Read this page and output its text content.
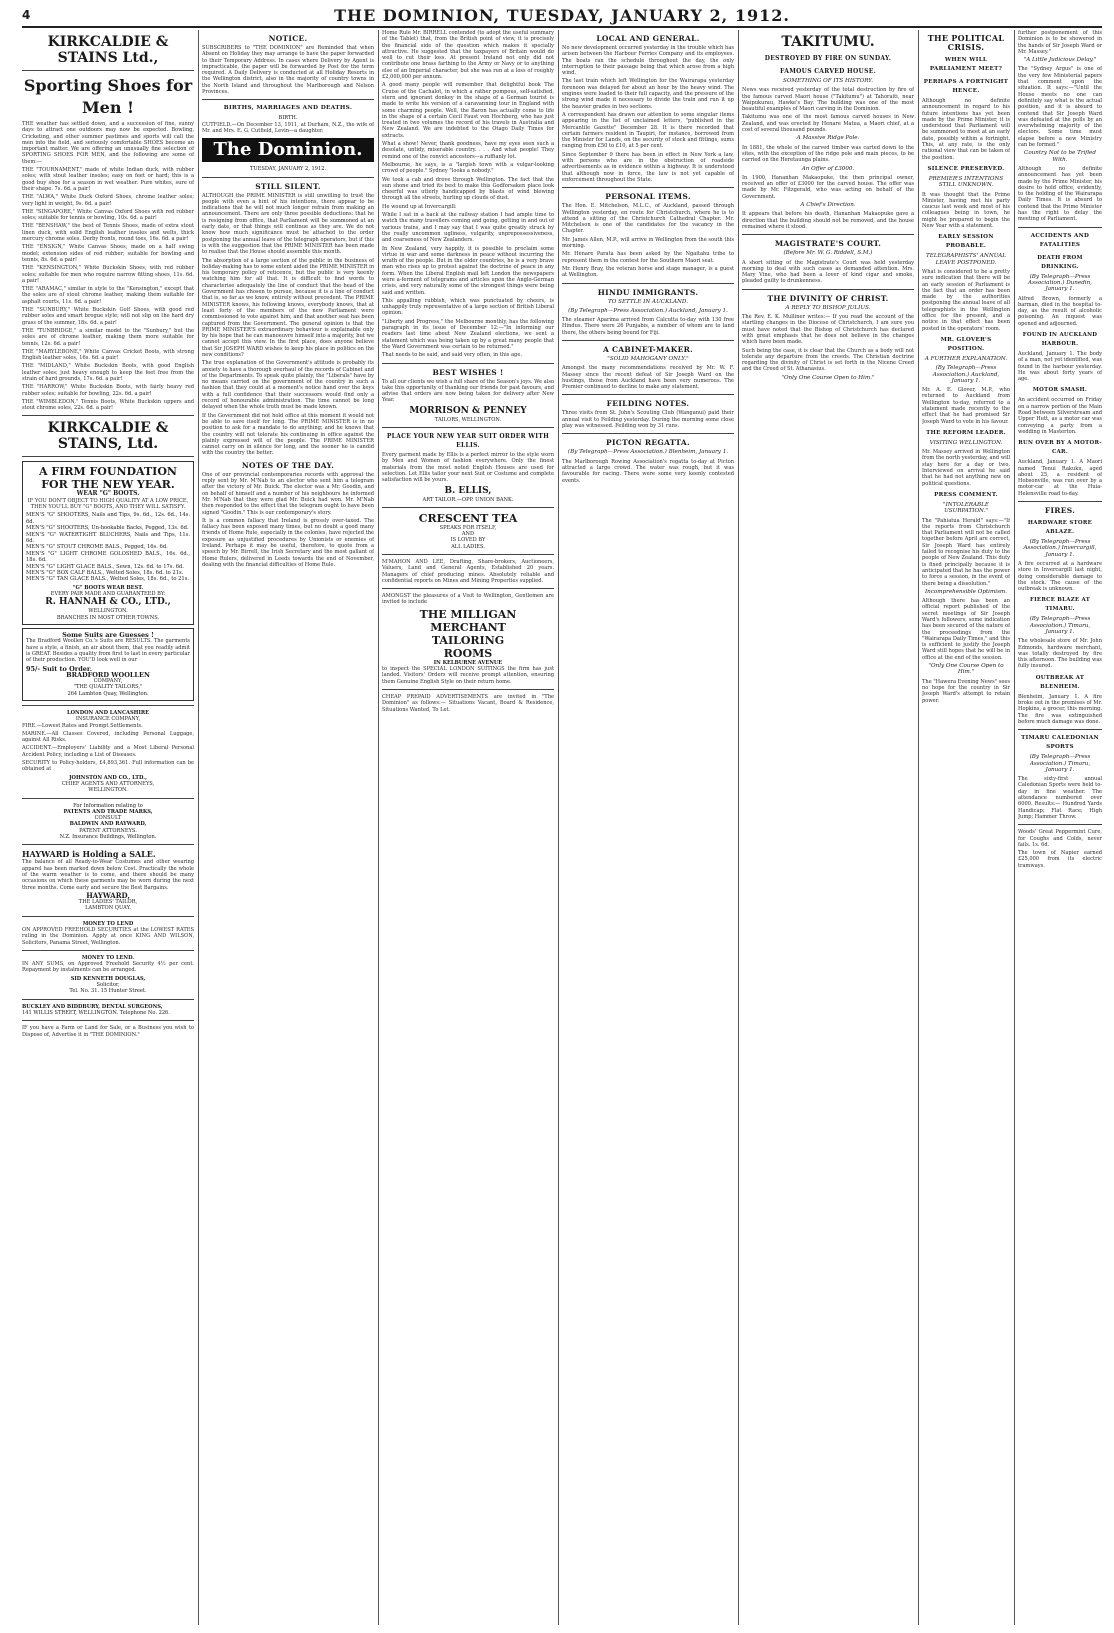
4	THE DOMINION, TUESDAY, JANUARY 2, 1912.
KIRKCALDIE & STAINS Ltd.,
Sporting Shoes for Men !

THE weather has settled down, and a succession of fine, sunny days to attract one outdoors may now be expected. Bowling, Cricketing, and other summer pastimes and sports will call the men into the field, and seriously comfortable SHOES become an important matter. We are offering an unusually fine selection of SPORTING SHOES FOR MEN, and the following are some of them:—

THE "TOURNAMENT," made of white Indian duck, with rubber soles; with stout leather insoles; easy on feet or hard; this is a good buy shoe for a season in wet weather. Pure whites, sure of their shape. 7s. 6d. a pair!

THE "ALWA," White Duck Oxford Shoes, chrome leather soles; very light in weight, 9s. 6d. a pair!

THE "SINGAPORE," White Canvas Oxford Shoes with red rubber soles; suitable for tennis or bowling, 10s. 6d. a pair!

THE "BENSHAW," the best of Tennis Shoes, made of extra stout linen duck, with solid English leather insoles and welts, thick mercury chrome soles. Derby fronts, round toes, 16s. 6d. a pair!

THE "ENSIGN," White Canvas Shoes, made on a half swing model; extension sides of red rubber; suitable for bowling and tennis, 8s. 6d. a pair!

THE "KENSINGTON," White Buckskin Shoes, with red rubber soles; suitable for men who require narrow fitting shoes, 11s. 6d. a pair!

THE "ARAMAC," similar in style to the "Kensington," except that the soles are of stout chrome leather, making them suitable for asphalt courts, 11s. 6d. a pair!

THE "SUNBURY," White Buckskin Golf Shoes, with good red rubber soles and smart brogue style; will not slip on the hard dry grass of the summer, 18s. 6d. a pair!

THE "TUNBRIDGE," a similar model to the "Sunbury," but the soles are of chrome leather, making them more suitable for tennis, 12s. 6d. a pair!

THE "MARYLEBONE," White Canvas Cricket Boots, with strong English leather soles, 16s. 6d. a pair!

THE "MIDLAND," White Buckskin Boots, with good English leather soles; just heavy enough to keep the feet free from the strain of hard grounds, 17s. 6d. a pair!

THE "HARROW," White Buckskin Boots, with fairly heavy red rubber soles; suitable for bowling, 22s. 6d. a pair!

THE "WIMBLEDON," Tennis Boots, White Buckskin uppers and stout chrome soles, 22s. 6d. a pair!

KIRKCALDIE & STAINS, Ltd.
A FIRM FOUNDATION
FOR THE NEW YEAR.
WEAR "G" BOOTS.

IF YOU DON'T OBJECT TO HIGH QUALITY AT A LOW PRICE, THEN YOU'LL BUY "G" BOOTS, AND THEY WILL SATISFY.

MEN'S "G" SHOOTERS, Nails and Tips, 9s. 6d., 12s. 6d., 14s. 6d.
MEN'S "G" SHOOTERS, Un-hookable Backs, Pegged, 13s. 6d.
MEN'S "G" WATERTIGHT BLUCHERS, Nails and Tips, 11s. 6d.
MEN'S "G" STOUT CHROME BALS., Pegged, 16s. 6d.
MEN'S "G" LIGHT CHROME GOLOSHED BALS., 16s. 6d., 18s. 6d.
MEN'S "G" LIGHT GLACE BALS., Sewn, 12s. 6d. to 17s. 6d.
MEN'S "G" BOX CALF BALS., Welted Soles, 18s. 6d. to 21s.
MEN'S "G" TAN GLACE BALS., Welted Soles, 18s. 6d., to 21s.
"G" BOOTS WEAR BEST.
EVERY PAIR MADE AND GUARANTEED BY:
R. HANNAH & CO., LTD.,
WELLINGTON.
BRANCHES IN MOST OTHER TOWNS.
Some Suits are Guesses !

The Bradford Woollen Co.'s Suits are RESULTS. The garments have a style, a finish, an air about them, that you readily admit is GREAT. Besides a quality from first to last in every particular of their production. YOU'D look well in our

95/- Suit to Order.
BRADFORD WOOLLEN
COMPANY,
"THE QUALITY TAILORS,"
264 Lambton Quay, Wellington.
LONDON AND LANCASHIRE
INSURANCE COMPANY,

FIRE.—Lowest Rates and Prompt Settlements.

MARINE.—All Classes Covered, including Personal Luggage, against All Risks.

ACCIDENT.—Employers' Liability and a Most Liberal Personal Accident Policy, including a List of Diseases.

SECURITY to Policy-holders, £4,893,361. Full information can be obtained at

JOHNSTON AND CO., LTD.,
CHIEF AGENTS AND ATTORNEYS,
WELLINGTON.
For Information relating to
PATENTS AND TRADE MARKS,
CONSULT
BALDWIN AND RAYWARD,
PATENT ATTORNEYS.
N.Z. Insurance Buildings, Wellington.
HAYWARD is Holding a SALE.

The balance of all Ready-to-Wear Costumes and other wearing apparel has been marked down below Cost. Practically the whole of the warm weather is to come, and there should be many occasions on which these garments may be worn during the next three months. Come early and secure the Best Bargains.

HAYWARD,
THE LADIES' TAILOR,
LAMBTON QUAY.
MONEY TO LEND

ON APPROVED FREEHOLD SECURITIES at the LOWEST RATES ruling in the Dominion. Apply at once KING AND WILSON, Solicitors, Panama Street, Wellington.

MONEY TO LEND.

IN ANY SUMS, on Approved Freehold Security 4½ per cent. Repayment by instalments can be arranged.

SID KENNETH DOUGLAS,
Solicitor,
Tel. No. 31. 15 Hunter Street.
BUCKLEY AND BIDDBURY, DENTAL SURGEONS,
141 WILLIS STREET, WELLINGTON. Telephone No. 226.

IF you have a Farm or Land for Sale, or a Business you wish to Dispose of, Advertise it in "THE DOMINION."

NOTICE.

SUBSCRIBERS to "THE DOMINION" are Reminded that when Absent on Holiday they may arrange to have the paper forwarded to their Temporary Address. In cases where Delivery by Agent is impracticable, the paper will be forwarded by Post for the term required. A Daily Delivery is conducted at all Holiday Resorts in the Wellington district, also in the majority of country towns in the North Island and throughout the Marlborough and Nelson Provinces.

BIRTHS, MARRIAGES AND DEATHS.
BIRTH.

CUTFIELD.—On December 13, 1911, at Durham, N.Z., the wife of Mr. and Mrs. E. G. Cutfield, Levin—a daughter.

The Dominion.
TUESDAY, JANUARY 2, 1912.
STILL SILENT.

ALTHOUGH the PRIME MINISTER is still unwilling to trust the people with even a hint of his intentions, there appear to be indications that he will not much longer refrain from making an announcement. There are only three possible deductions: that he is resigning from office, that Parliament will be summoned at an early date, or that things will continue as they are. We do not know how much significance must be attached to the order postponing the annual leave of the telegraph operators, but if this is with the suggestion that the PRIME MINISTER has been made to realise that the House should assemble this month.

The absorption of a large section of the public in the business of holiday-making has to some extent aided the PRIME MINISTER in his temporary policy of reticence, but the public is very keenly watching him for all that. It is difficult to find words to characterise adequately the line of conduct that the head of the Government has chosen to pursue, because it is a line of conduct that is, so far as we know, entirely without precedent. The PRIME MINISTER knows, his following knows, everybody knows, that at least forty of the members of the new Parliament were commissioned to vote against him, and that another seat has been captured from the Government. The general opinion is that the PRIME MINISTER'S extraordinary behaviour is explainable only by his hope that he can manoeuvre himself into a majority, but we cannot accept this view. In the first place, does anyone believe that Sir JOSEPH WARD wishes to keep his place in politics on the new conditions?

The true explanation of the Government's attitude is probably its anxiety to have a thorough overhaul of the records of Cabinet and of the Departments. To speak quite plainly, the "Liberals" have by no means carried on the government of the country in such a fashion that they could at a moment's notice hand over the keys with a full confidence that their successors would find only a record of honourable administration. The time cannot be long delayed when the whole truth must be made known.

If the Government did not hold office at this moment it would not be able to save itself for long. The PRIME MINISTER is in no position to ask for a mandate to do anything; and he knows that the country will not tolerate his continuing in office against the plainly expressed will of the people. The PRIME MINISTER cannot carry on in silence for long, and the sooner he is candid with the country the better.

NOTES OF THE DAY.

One of our provincial contemporaries records with approval the reply sent by Mr. M'Nab to an elector who sent him a telegram after the victory of Mr. Buick. The elector was a Mr. Goodin, and on behalf of himself and a number of his neighbours he informed Mr. M'Nab that they were glad Mr. Buick had won. Mr. M'Nab then responded to the effect that the telegram ought to have been signed "Goodin." This is our contemporary's story.

It is a common fallacy that Ireland is grossly over-taxed. The fallacy has been exposed many times, but no doubt a good many friends of Home Rule, especially in the colonies, have rejected the exposure as unjustified procedures by Unionists or enemies of Ireland. Perhaps it may be useful, therefore, to quote from a speech by Mr. Birrell, the Irish Secretary and the most gallant of Home Rulers, delivered in Leeds towards the end of November, dealing with the financial difficulties of Home Rule.

Home Rule Mr. BIRRELL contended (to adopt the useful summary of the Tablet) that, from the British point of view, it is precisely the financial side of the question which makes it specially attractive. He suggested that the taxpayers of Britain would do well to cut their loss. At present Ireland not only did not contribute one brass farthing to the Army or Navy or to anything else of an Imperial character, but she was run at a loss of roughly £2,000,000 per annum.

A good many people will remember that delightful book The Cruise of the Cachalot, in which a rather pompous, self-satisfied, stern and ignorant donkey in the shape of a German tourist is made to write his version of a caravanning tour in England with some charming people. Well, the Baron has actually come to life in the shape of a certain Cecil Faust von Hochberg, who has just treated in two volumes the record of his travels in Australia and New Zealand. We are indebted to the Otago Daily Times for extracts.

What a show! Never, thank goodness, have my eyes seen such a desolate, untidy, miserable country. . . . And what people! They remind one of the convict ancestors—a ruffianly lot.

Melbourne, he says, is a "largish town with a vulgar-looking crowd of people." Sydney "looks a nobody."

We took a cab and drove through Wellington. The fact that the sun shone and tried its best to make this Godforsaken place look cheerful was utterly handicapped by blasts of wind blowing through all the streets, hurling up clouds of dust.

He wound up at Invercargill:

While I sat in a back at the railway station I had ample time to watch the many travellers coming and going, getting in and out of various trains, and I may say that I was quite greatly struck by the really uncommon ugliness, vulgarity, unprepossessiveness, and coarseness of New Zealanders.

In New Zealand, very happily, it is possible to proclaim some virtue in war and some darkness in peace without incurring the wrath of the people. But in the older countries, he is a very brave man who rises up to protest against the doctrine of peace in any form. When the Liberal English mail left London the newspapers were a-ferment of telegrams and articles upon the Anglo-German crisis, and very naturally some of the strongest things were being said and written.

This appalling rubbish, which was punctuated by cheers, is unhappily truly representative of a large section of British Liberal opinion.

"Liberty and Progress," the Melbourne monthly, has the following paragraph in its issue of December 12:—"In informing our readers last time about New Zealand elections, we sent a statement which was being taken up by a great many people that the Ward Government was certain to be returned."

That needs to be said, and said very often, in this age.

BEST WISHES !

To all our clients we wish a full share of the Season's joys. We also take this opportunity of thanking our friends for past favours, and advise that orders are now being taken for delivery after New Year.

MORRISON & PENNEY
TAILORS, WELLINGTON.
PLACE YOUR NEW YEAR SUIT ORDER WITH ELLIS.

Every garment made by Ellis is a perfect mirror to the style worn by Men and Women of fashion everywhere. Only the finest materials from the most noted English Houses are used for selection. Let Ellis tailor your next Suit or Costume and complete satisfaction will be yours.

B. ELLIS,
ART TAILOR.—OPP. UNION BANK.
CRESCENT TEA
SPEAKS FOR ITSELF,
AND
IS LOVED BY
ALL LADIES.

M'MAHON AND LEE, Drafting, Share-brokers, Auctioneers, Valuers, Land and General Agents, Established 20 years. Managers of chief producing mines. Absolutely reliable and confidential reports on Mines and Mining Properties supplied.

AMONGST the pleasures of a Visit to Wellington, Gentlemen are invited to include

THE MILLIGAN
MERCHANT
TAILORING
ROOMS
IN KELBURNE AVENUE

to inspect the SPECIAL LONDON SUITINGS the firm has just landed. Visitors' Orders will receive prompt attention, ensuring them Genuine English Style on their return home.

CHEAP PREPAID ADVERTISEMENTS are invited in "The Dominion" as follows:— Situations Vacant, Board & Residence, Situations Wanted, To Let.

LOCAL AND GENERAL.

No new development occurred yesterday in the trouble which has arisen between the Harbour Ferries Company and its employees. The boats ran the schedule throughout the day, the only interruption to their passage being that which arose from a high wind.

The last train which left Wellington for the Wairarapa yesterday forenoon was delayed for about an hour by the heavy wind. The engines were loaded to their full capacity, and the pressure of the strong wind made it necessary to divide the train and run it up the heavier grades in two sections.

A correspondent has drawn our attention to some singular items appearing in the list of unclaimed letters, "published in the Mercantile Gazette" December 28. It is there recorded that certain farmers resident in Taupiri, for instance, borrowed from the Minister for Lands, on the security of stock and fittings, sums ranging from £50 to £10, at 5 per cent.

Since September 9 there has been in effect in New York a law, with persons who are in the obstruction of roadside advertisements as in evidence within a highway. It is understood that although now in force, the law is not yet capable of enforcement throughout the State.

PERSONAL ITEMS.

The Hon. E. Mitchelson, M.L.C., of Auckland, passed through Wellington yesterday, en route for Christchurch, where he is to attend a sitting of the Christchurch Cathedral Chapter. Mr. Mitchelson is one of the candidates for the vacancy in the Chapter.

Mr. James Allen, M.P., will arrive in Wellington from the south this morning.

Mr. Henare Parata has been asked by the Ngaitahu tribe to represent them in the contest for the Southern Maori seat.

Mr. Henry Bray, the veteran horse and stage manager, is a guest at Wellington.

HINDU IMMIGRANTS.
TO SETTLE IN AUCKLAND.
(By Telegraph—Press Association.) Auckland, January 1.

The steamer Aparima arrived from Calcutta to-day with 130 free Hindus. There were 26 Punjabis, a number of whom are to land there, the others being bound for Fiji.

A CABINET-MAKER.
"SOLID MAHOGANY ONLY."

Amongst the many recommendations received by Mr. W. F. Massey since the recent defeat of Sir Joseph Ward on the hustings, those from Auckland have been very numerous. The Premier continued to decline to make any statement.

FEILDING NOTES.

Three visits from St. John's Scouting Club (Wanganui) paid their annual visit to Feilding yesterday. During the morning some close play was witnessed. Feilding won by 31 runs.

PICTON REGATTA.
(By Telegraph—Press Association.) Blenheim, January 1.

The Marlborough Rowing Association's regatta to-day at Picton attracted a large crowd. The water was rough, but it was favourable for racing. There were some very keenly contested events.

TAKITUMU.
DESTROYED BY FIRE ON SUNDAY.
FAMOUS CARVED HOUSE.
SOMETHING OF ITS HISTORY.

News was received yesterday of the total destruction by fire of the famous carved Maori house ("Takitumu") at Tahoraiti, near Waipukurau, Hawke's Bay. The building was one of the most beautiful examples of Maori carving in the Dominion.

Takitumu was one of the most famous carved houses in New Zealand, and was erected by Henare Matua, a Maori chief, at a cost of several thousand pounds.

A Massive Ridge Pole.

In 1881, the whole of the carved timber was carted down to the sites, with the exception of the ridge pole and main pieces, to be carried on the Heretaunga plains.

An Offer of £3000.

In 1900, Hananhan Makaopuke, the then principal owner, received an offer of £3000 for the carved house. The offer was made by Mr. Fitzgerald, who was acting on behalf of the Government.

A Chief's Direction.

It appears that before his death, Hananhan Makaopuke gave a direction that the building should not be removed, and the house remained where it stood.

MAGISTRATE'S COURT.
(Before Mr. W. G. Riddell, S.M.)

A short sitting of the Magistrate's Court was held yesterday morning to deal with such cases as demanded attention. Mrs. Mary Vine, who had been a lover of kind cigar and smoke, pleaded guilty to drunkenness.

THE DIVINITY OF CHRIST.
A REPLY TO BISHOP JULIUS.

The Rev. E. K. Mulliner writes:— If you read the account of the startling changes in the Diocese of Christchurch, I am sure you must have noted that the Bishop of Christchurch has declared with great emphasis that he does not believe in the changes which have been made.

Such being the case, it is clear that the Church as a body will not tolerate any departure from the creeds. The Christian doctrine regarding the divinity of Christ is set forth in the Nicene Creed and the Creed of St. Athanasius.

"Only One Course Open to Him."
THE POLITICAL CRISIS.
WHEN WILL PARLIAMENT MEET?
PERHAPS A FORTNIGHT HENCE.

Although no definite announcement in regard to his future intentions has yet been made by the Prime Minister, it is understood that Parliament will be summoned to meet at an early date, possibly within a fortnight. This, at any rate, is the only rational view that can be taken of the position.

SILENCE PRESERVED.
PREMIER'S INTENTIONS STILL UNKNOWN.

It was thought that the Prime Minister, having met his party caucus last week and most of his colleagues being in town, he might be prepared to begin the New Year with a statement.

EARLY SESSION PROBABLE.
TELEGRAPHISTS' ANNUAL LEAVE POSTPONED.

What is considered to be a pretty sure indication that there will be an early session of Parliament is the fact that an order has been made by the authorities postponing the annual leave of all telegraphists in the Wellington office for the present, and a notice in that effect has been posted in the operators' room.

MR. GLOVER'S POSITION.
A FURTHER EXPLANATION.
(By Telegraph—Press Association.) Auckland, January 1.

Mr. A. E. Glover, M.P., who returned to Auckland from Wellington to-day, referred to a statement made recently to the effect that he had promised Sir Joseph Ward to vote in his favour.

THE REFORM LEADER.
VISITING WELLINGTON.

Mr. Massey arrived in Wellington from the north yesterday, and will stay here for a day or two. Interviewed on arrival he said that he had not anything new on political questions.

PRESS COMMENT.
"INTOLERABLE USURPATION."

The "Pahiatua Herald" says:—"If the reports from Christchurch that Parliament will not be called together before April are correct, Sir Joseph Ward has entirely failed to recognise his duty to the people of New Zealand. This duty is fixed principally because it is anticipated that he has the power to force a session, in the event of there being a dissolution."

Incomprehensible Optimism.

Although there has been an official report published of the secret meetings of Sir Joseph Ward's followers, some indication has been secured of the nature of the proceedings from the "Wairarapa Daily Times," and this is sufficient to justify the Joseph Ward still hopes that he will be in office at the end of the session.

"Only One Course Open to Him."

The "Hawera Evening News" sees no hope for the country in Sir Joseph Ward's attempt to retain power.

further postponement of this Dominion is to be showered in the hands of Sir Joseph Ward or Mr. Massey."

"A Little Judicious Delay."

The "Sydney Argus" is one of the very few Ministerial papers that comment upon the situation. It says:—"Until the House meets no one can definitely say what is the actual position, and it is absurd to contend that Sir Joseph Ward was defeated at the polls by an overwhelming majority of the electors. Some time must elapse before a new Ministry can be formed."

Country Not to be Trifled With.

Although no definite announcement has yet been made by the Prime Minister, his desire to hold office, evidently, to the holding of the Wairarapa Daily Times. It is absurd to contend that the Prime Minister has the right to delay the meeting of Parliament.

ACCIDENTS AND FATALITIES
DEATH FROM DRINKING.
(By Telegraph—Press Association.) Dunedin, January 1.

Alfred Brown, formerly a barman, died in the hospital to-day, as the result of alcoholic poisoning. An inquest was opened and adjourned.

FOUND IN AUCKLAND HARBOUR.

Auckland, January 1. The body of a man, not yet identified, was found in the harbour yesterday. He was about forty years of age.

MOTOR SMASH.

An accident occurred on Friday on a narrow portion of the Main Road between Silverstream and Upper Hutt, as a motor car was conveying a party from a wedding in Masterton.

RUN OVER BY A MOTOR-CAR.

Auckland, January 1. A Maori named Tenui Rakuku, aged about 25, a resident of Hobsonville, was run over by a motor-car at the Huia-Helensville road to-day.

FIRES.
HARDWARE STORE ABLAZE.
(By Telegraph—Press Association.) Invercargill, January 1.

A fire occurred at a hardware store in Invercargill last night, doing considerable damage to the stock. The cause of the outbreak is unknown.

FIERCE BLAZE AT TIMARU.
(By Telegraph—Press Association.) Timaru, January 1.

The wholesale store of Mr. John Edmonds, hardware merchant, was totally destroyed by fire this afternoon. The building was fully insured.

OUTBREAK AT BLENHEIM.

Blenheim, January 1. A fire broke out in the premises of Mr. Hopkins, a grocer, this morning. The fire was extinguished before much damage was done.

TIMARU CALEDONIAN SPORTS
(By Telegraph—Press Association.) Timaru, January 1.

The sixty-first annual Caledonian Sports were held to-day in fine weather. The attendance numbered over 6000. Results:— Hundred Yards Handicap; Flat Race; High Jump; Hammer Throw.

Woods' Great Peppermint Cure, for Coughs and Colds, never fails. 1s. 6d.

The town of Napier earned £25,000 from its electric tramways.
